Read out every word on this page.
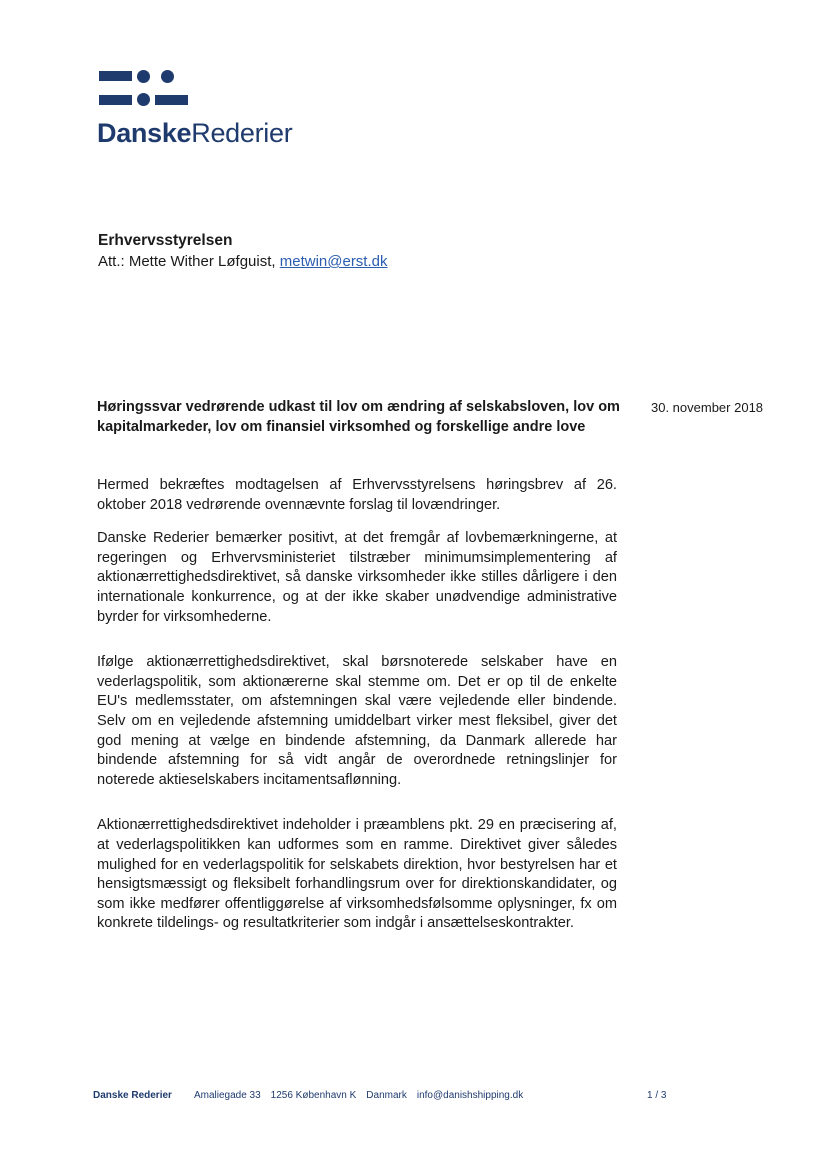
DanskeRederier
Erhvervsstyrelsen
Att.: Mette Wither Løfguist, metwin@erst.dk
Høringssvar vedrørende udkast til lov om ændring af selskabsloven, lov om kapitalmarkeder, lov om finansiel virksomhed og forskellige andre love
30. november 2018

Hermed bekræftes modtagelsen af Erhvervsstyrelsens høringsbrev af 26. oktober 2018 vedrørende ovennævnte forslag til lovændringer.

Danske Rederier bemærker positivt, at det fremgår af lovbemærkningerne, at regeringen og Erhvervsministeriet tilstræber minimumsimplementering af aktionærrettighedsdirektivet, så danske virksomheder ikke stilles dårligere i den internationale konkurrence, og at der ikke skaber unødvendige administrative byrder for virksomhederne.

Ifølge aktionærrettighedsdirektivet, skal børsnoterede selskaber have en vederlagspolitik, som aktionærerne skal stemme om. Det er op til de enkelte EU's medlemsstater, om afstemningen skal være vejledende eller bindende. Selv om en vejledende afstemning umiddelbart virker mest fleksibel, giver det god mening at vælge en bindende afstemning, da Danmark allerede har bindende afstemning for så vidt angår de overordnede retningslinjer for noterede aktieselskabers incitamentsaflønning.

Aktionærrettighedsdirektivet indeholder i præamblens pkt. 29 en præcisering af, at vederlagspolitikken kan udformes som en ramme. Direktivet giver således mulighed for en vederlagspolitik for selskabets direktion, hvor bestyrelsen har et hensigtsmæssigt og fleksibelt forhandlingsrum over for direktionskandidater, og som ikke medfører offentliggørelse af virksomhedsfølsomme oplysninger, fx om konkrete tildelings- og resultatkriterier som indgår i ansættelseskontrakter.

Danske Rederier Amaliegade 33 1256 København K Danmark info@danishshipping.dk	1 / 3
